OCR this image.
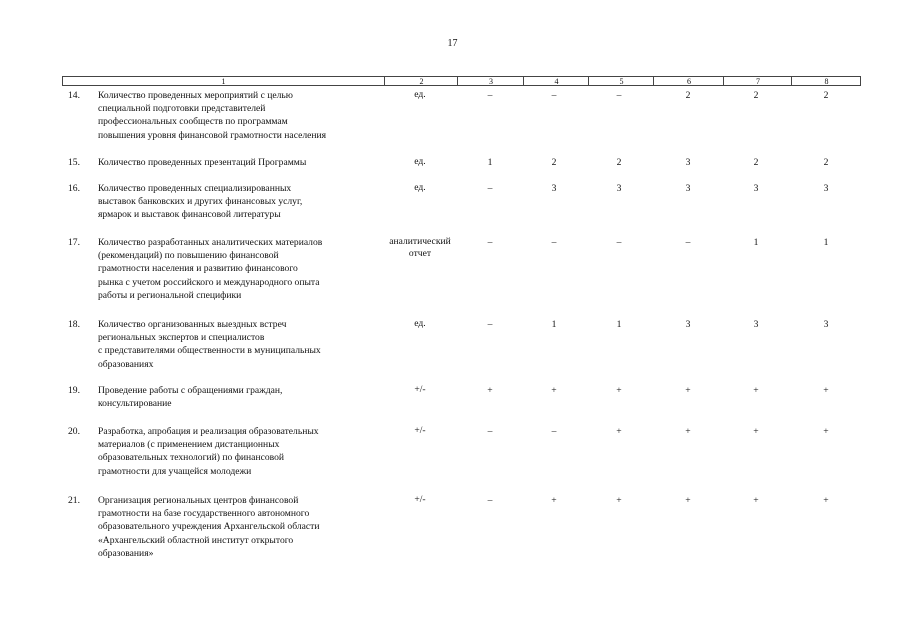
17
1	2	3	4	5	6	7	8
14. Количество проведенных мероприятий с целью
специальной подготовки представителей
профессиональных сообществ по программам
повышения уровня финансовой грамотности населения
ед.	–	–	–	2	2	2
15. Количество проведенных презентаций Программы	ед.	1	2	2	3	2	2
16. Количество проведенных специализированных
выставок банковских и других финансовых услуг,
ярмарок и выставок финансовой литературы
ед.	–	3	3	3	3	3
17. Количество разработанных аналитических материалов
(рекомендаций) по повышению финансовой
грамотности населения и развитию финансового
рынка с учетом российского и международного опыта
работы и региональной специфики
аналитический
отчет
–	–	–	–	1	1
18. Количество организованных выездных встреч
региональных экспертов и специалистов
с представителями общественности в муниципальных
образованиях
ед.	–	1	1	3	3	3
19. Проведение работы с обращениями граждан,
консультирование
+/-	+	+	+	+	+	+
20. Разработка, апробация и реализация образовательных
материалов (с применением дистанционных
образовательных технологий) по финансовой
грамотности для учащейся молодежи
+/-	–	–	+	+	+	+
21. Организация региональных центров финансовой
грамотности на базе государственного автономного
образовательного учреждения Архангельской области
«Архангельский областной институт открытого
образования»
+/-	–	+	+	+	+	+
